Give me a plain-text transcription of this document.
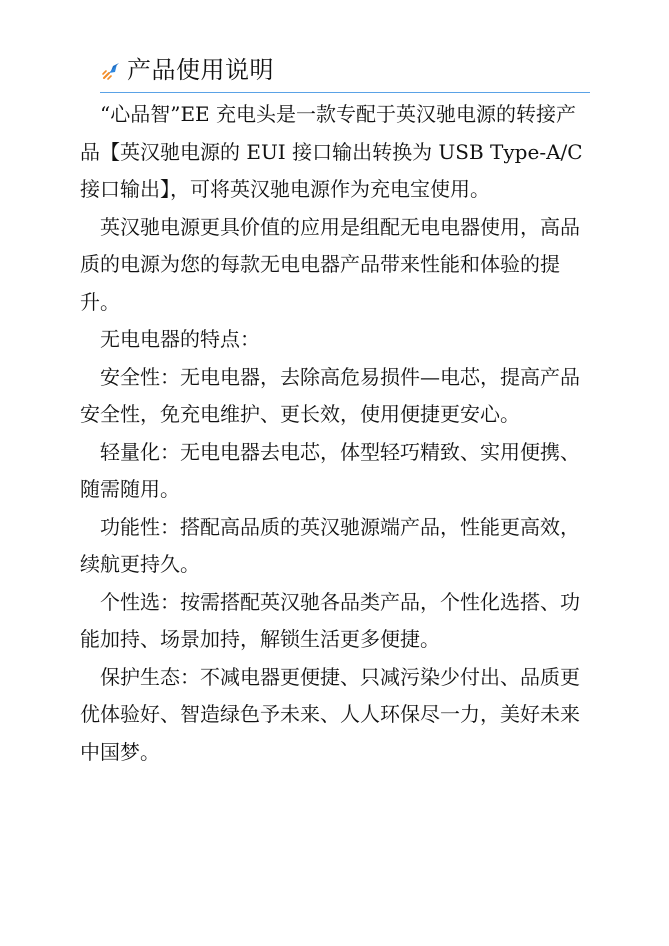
产品使用说明

“心品智”EE 充电头是一款专配于英汉驰电源的转接产品【英汉驰电源的 EUI 接口输出转换为 USB Type-A/C 接口输出】，可将英汉驰电源作为充电宝使用。

英汉驰电源更具价值的应用是组配无电电器使用，高品质的电源为您的每款无电电器产品带来性能和体验的提升。

无电电器的特点：

安全性：无电电器，去除高危易损件—电芯，提高产品安全性，免充电维护、更长效，使用便捷更安心。

轻量化：无电电器去电芯，体型轻巧精致、实用便携、随需随用。

功能性：搭配高品质的英汉驰源端产品，性能更高效，续航更持久。

个性选：按需搭配英汉驰各品类产品，个性化选搭、功能加持、场景加持，解锁生活更多便捷。

保护生态：不减电器更便捷、只减污染少付出、品质更优体验好、智造绿色予未来、人人环保尽一力，美好未来中国梦。
